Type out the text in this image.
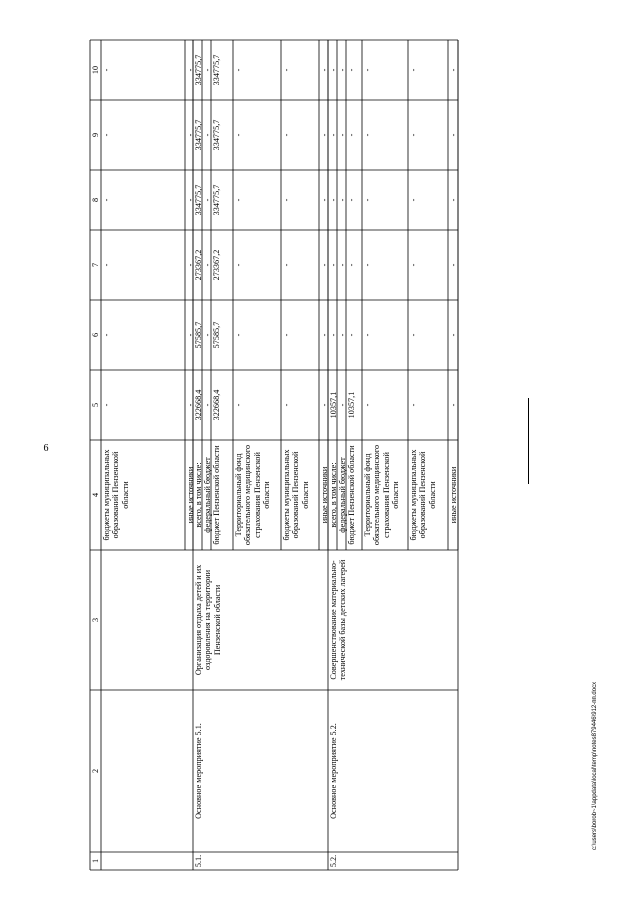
6
1
2
3
4
5
6
7
8
9
10
бюджеты муниципальных образований Пензенской области
-
-
-
-
-
-
иные источники
-
-
-
-
-
-
5.1.
Основное мероприятие 5.1.
Организация отдыха детей и их оздоровления на территории Пензенской области
всего, в том числе:
322668,4
57585,7
273367,2
334775,7
334775,7
334775,7
федеральный бюджет
-
-
-
-
-
-
бюджет Пензенской области
322668,4
57585,7
273367,2
334775,7
334775,7
334775,7
Территориальный фонд обязательного медицинского страхования Пензенской области
-
-
-
-
-
-
бюджеты муниципальных образований Пензенской области
-
-
-
-
-
-
иные источники
-
-
-
-
-
-
5.2.
Основное мероприятие 5.2.
Совершенствование материально-технической базы детских лагерей
всего, в том числе:
10357,1
-
-
-
-
-
федеральный бюджет
-
-
-
-
-
-
бюджет Пензенской области
10357,1
-
-
-
-
-
Территориальный фонд обязательного медицинского страхования Пензенской области
-
-
-
-
-
-
бюджеты муниципальных образований Пензенской области
-
-
-
-
-
-
иные источники
-
-
-
-
-
-
c:\users\borob~1\appdata\local\temp\notes879446\912-пп.docx
